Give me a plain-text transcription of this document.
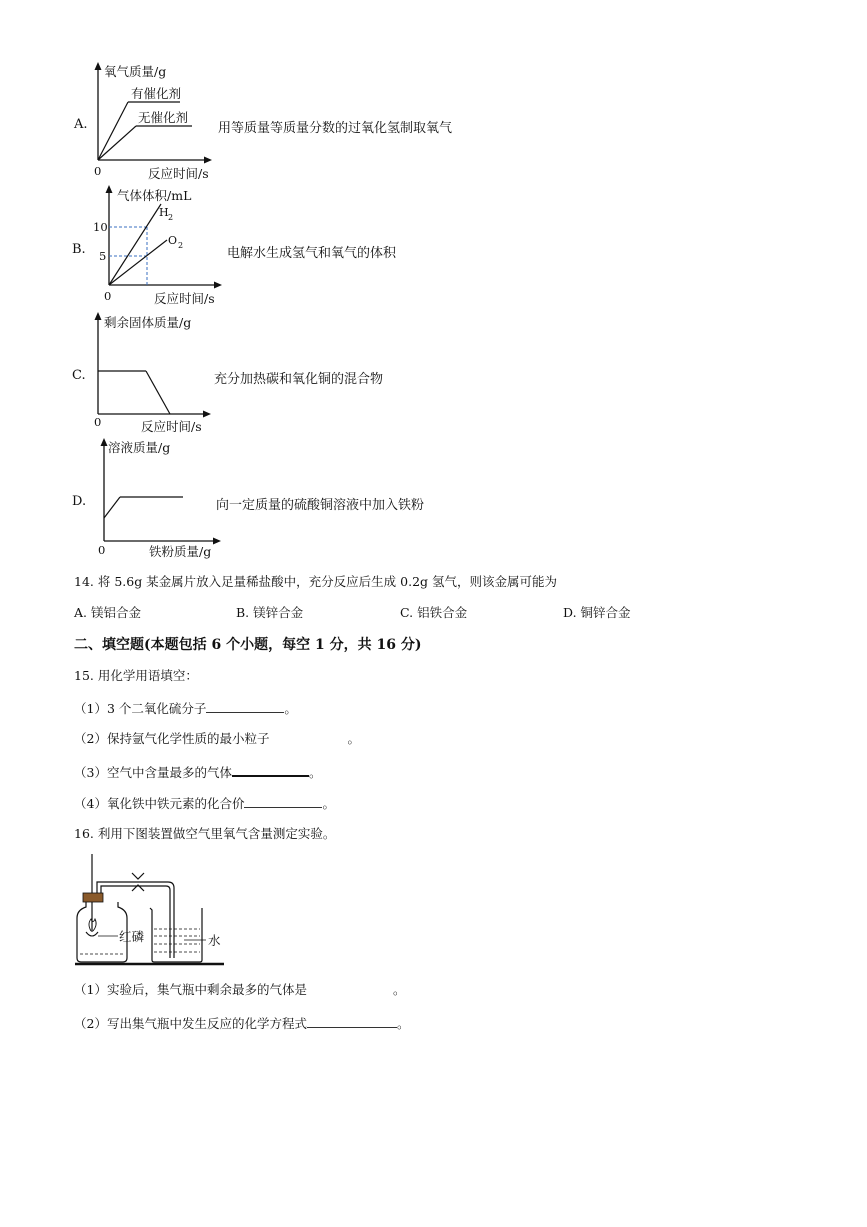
A.
氧气质量/g
有催化剂
无催化剂
0	反应时间/s
用等质量等质量分数的过氧化氢制取氧气
B.
气体体积/mL
10
5
H 2
O 2
0	反应时间/s
电解水生成氢气和氧气的体积
C.
剩余固体质量/g
0	反应时间/s
充分加热碳和氧化铜的混合物
D.
溶液质量/g
0	铁粉质量/g
向一定质量的硫酸铜溶液中加入铁粉
14. 将 5.6g 某金属片放入足量稀盐酸中，充分反应后生成 0.2g 氢气，则该金属可能为
A. 镁铝合金	B. 镁锌合金	C. 铝铁合金	D. 铜锌合金
二、填空题(本题包括 6 个小题，每空 1 分，共 16 分)
15. 用化学用语填空：
（1）3 个二氧化硫分子	。
（2）保持氩气化学性质的最小粒子	。
（3）空气中含量最多的气体	。
（4）氧化铁中铁元素的化合价	。
16. 利用下图装置做空气里氧气含量测定实验。
红磷	水
（1）实验后，集气瓶中剩余最多的气体是	。
（2）写出集气瓶中发生反应的化学方程式	。
